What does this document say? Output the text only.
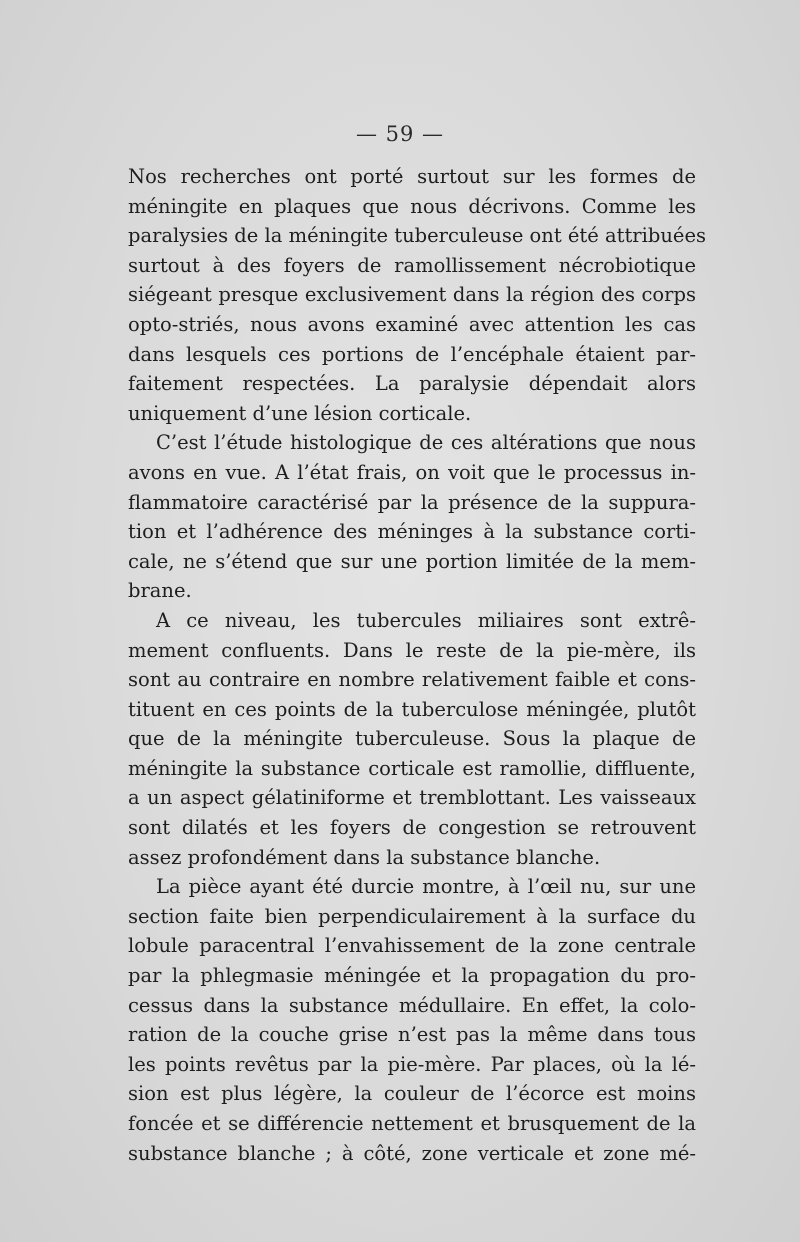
— 59 —
Nos recherches ont porté surtout sur les formes de
méningite en plaques que nous décrivons. Comme les
paralysies de la méningite tuberculeuse ont été attribuées
surtout à des foyers de ramollissement nécrobiotique
siégeant presque exclusivement dans la région des corps
opto-striés, nous avons examiné avec attention les cas
dans lesquels ces portions de l’encéphale étaient par-
faitement respectées. La paralysie dépendait alors
uniquement d’une lésion corticale.
C’est l’étude histologique de ces altérations que nous
avons en vue. A l’état frais, on voit que le processus in-
flammatoire caractérisé par la présence de la suppura-
tion et l’adhérence des méninges à la substance corti-
cale, ne s’étend que sur une portion limitée de la mem-
brane.
A ce niveau, les tubercules miliaires sont extrê-
mement confluents. Dans le reste de la pie-mère, ils
sont au contraire en nombre relativement faible et cons-
tituent en ces points de la tuberculose méningée, plutôt
que de la méningite tuberculeuse. Sous la plaque de
méningite la substance corticale est ramollie, diffluente,
a un aspect gélatiniforme et tremblottant. Les vaisseaux
sont dilatés et les foyers de congestion se retrouvent
assez profondément dans la substance blanche.
La pièce ayant été durcie montre, à l’œil nu, sur une
section faite bien perpendiculairement à la surface du
lobule paracentral l’envahissement de la zone centrale
par la phlegmasie méningée et la propagation du pro-
cessus dans la substance médullaire. En effet, la colo-
ration de la couche grise n’est pas la même dans tous
les points revêtus par la pie-mère. Par places, où la lé-
sion est plus légère, la couleur de l’écorce est moins
foncée et se différencie nettement et brusquement de la
substance blanche ; à côté, zone verticale et zone mé-
